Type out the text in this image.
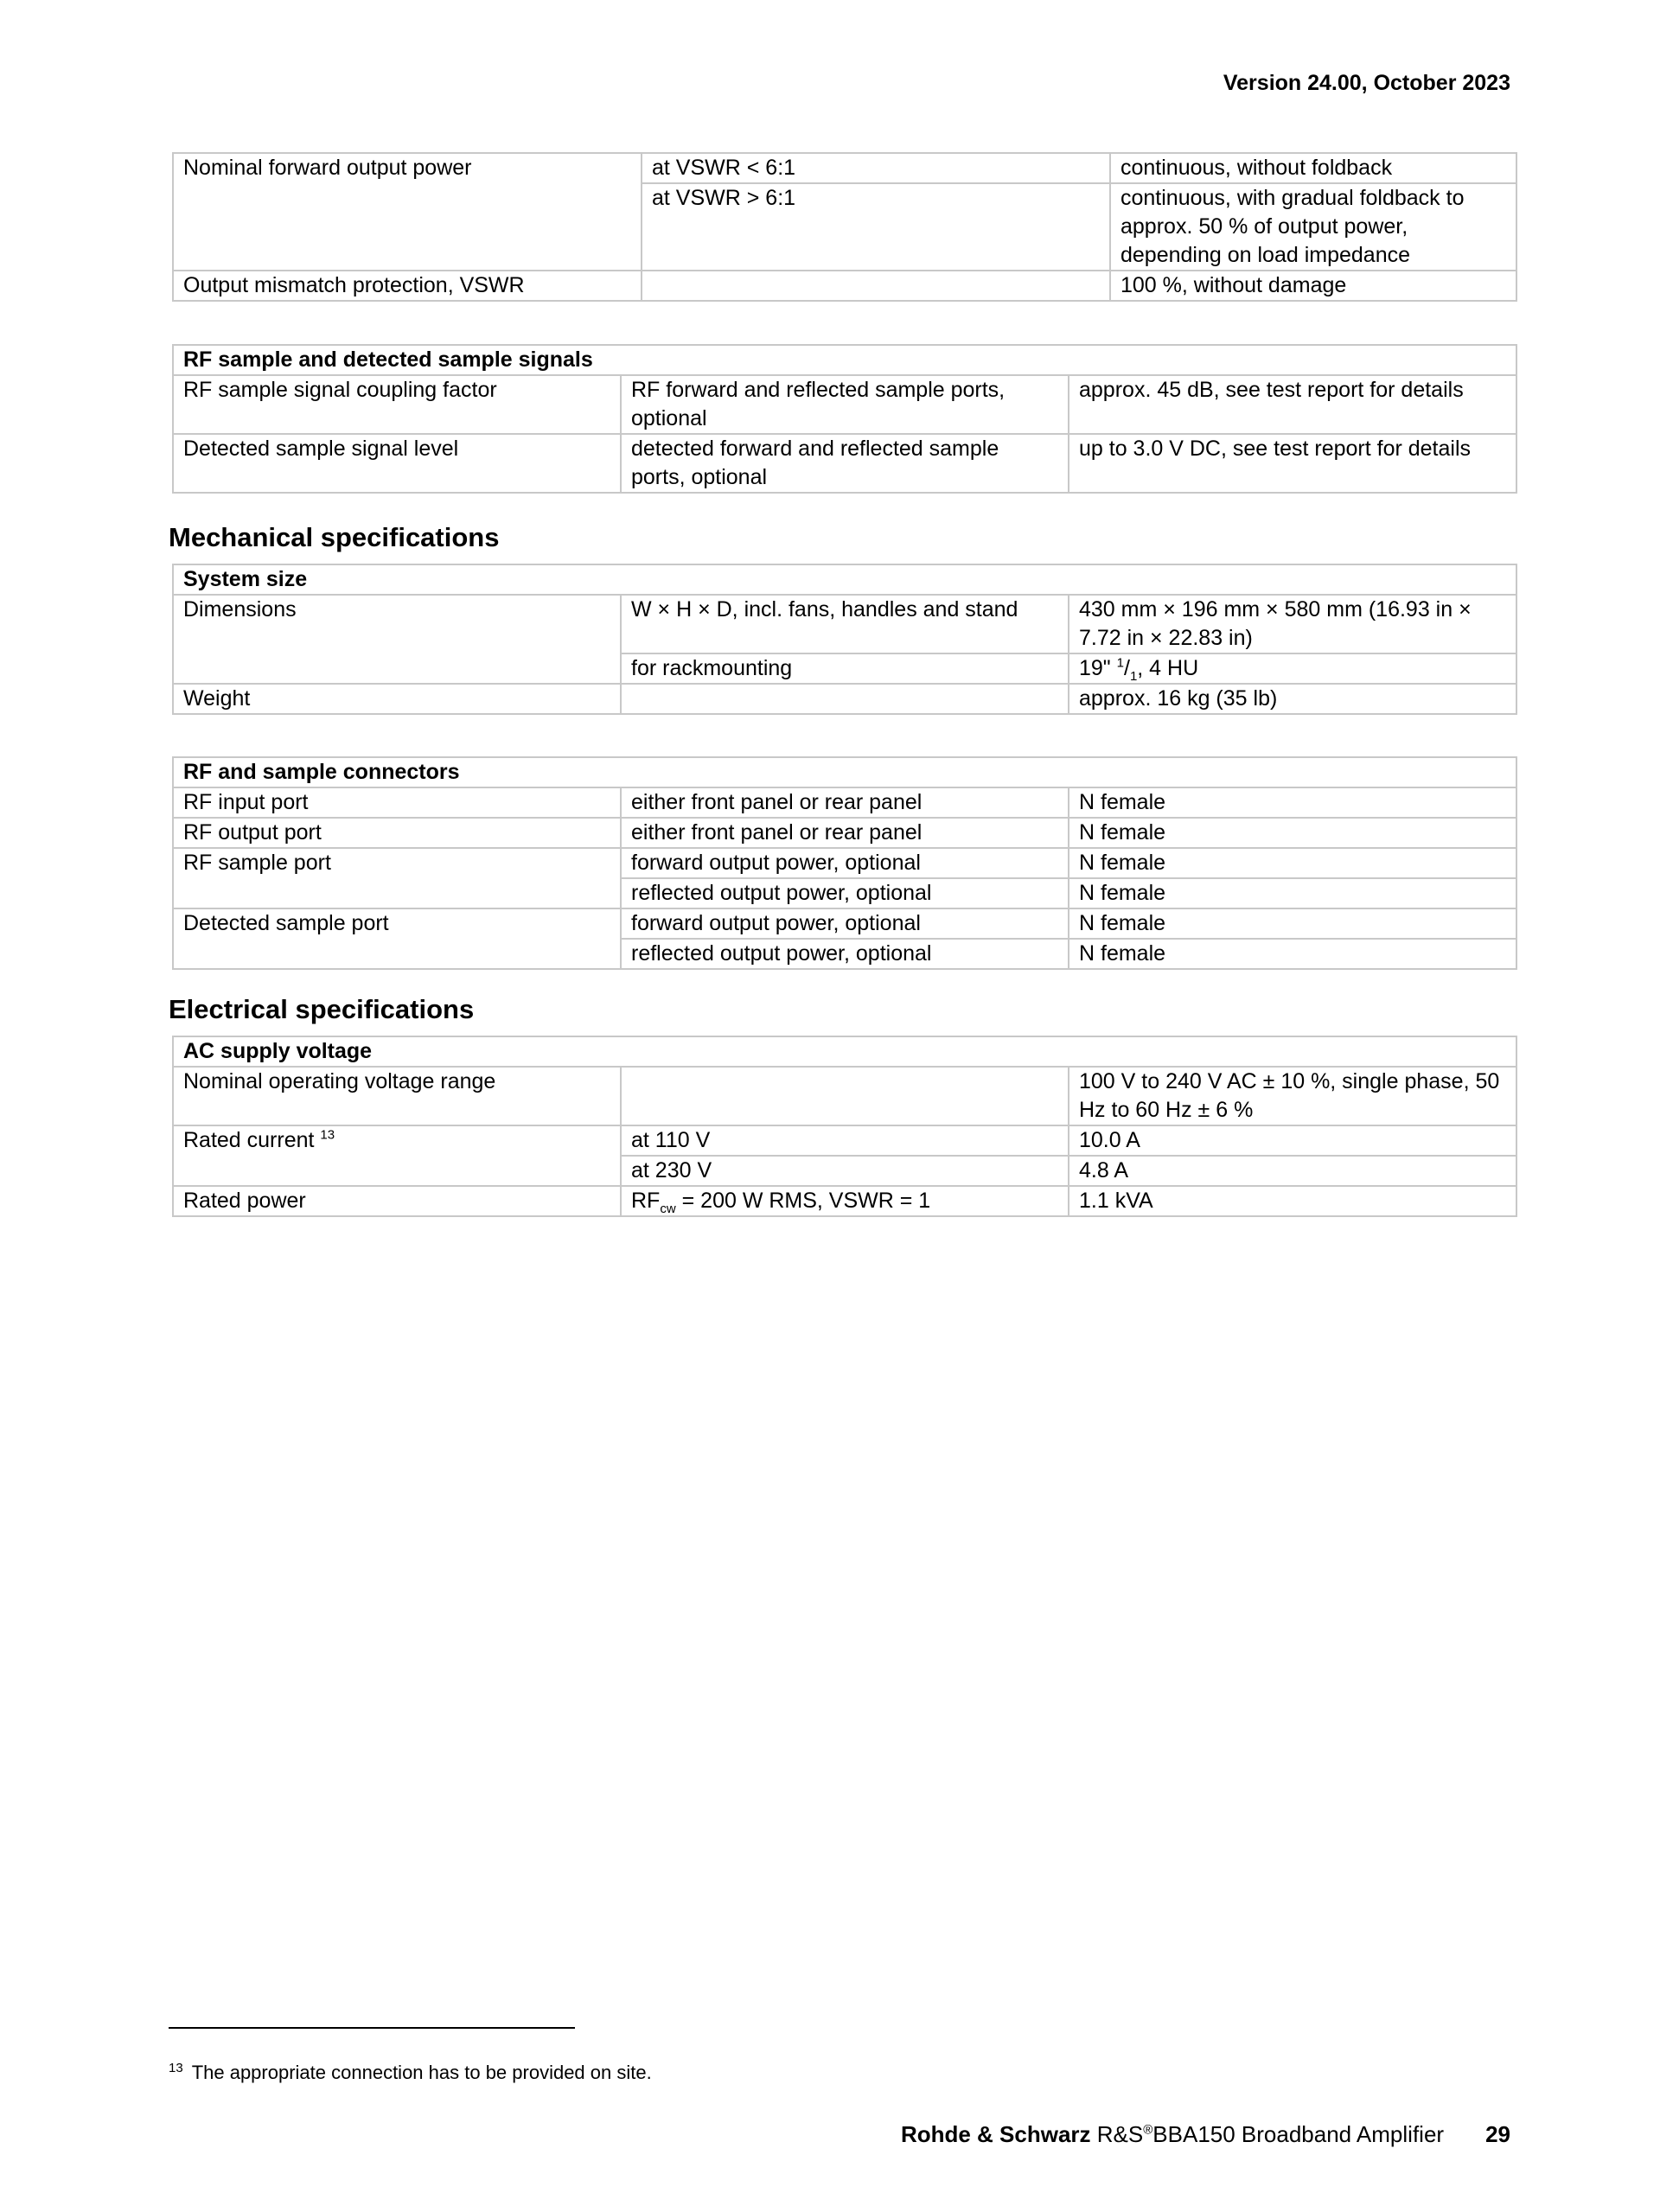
Version 24.00, October 2023
Nominal forward output power	at VSWR < 6:1	continuous, without foldback
	at VSWR > 6:1	continuous, with gradual foldback to approx. 50 % of output power, depending on load impedance
Output mismatch protection, VSWR		100 %, without damage
RF sample and detected sample signals		
RF sample signal coupling factor	RF forward and reflected sample ports, optional	approx. 45 dB, see test report for details
Detected sample signal level	detected forward and reflected sample ports, optional	up to 3.0 V DC, see test report for details
Mechanical specifications
System size		
Dimensions	W × H × D, incl. fans, handles and stand	430 mm × 196 mm × 580 mm (16.93 in × 7.72 in × 22.83 in)
	for rackmounting	19" $^1/_1$, 4 HU
Weight		approx. 16 kg (35 lb)
RF and sample connectors		
RF input port	either front panel or rear panel	N female
RF output port	either front panel or rear panel	N female
RF sample port	forward output power, optional	N female
	reflected output power, optional	N female
Detected sample port	forward output power, optional	N female
	reflected output power, optional	N female
Electrical specifications
AC supply voltage		
Nominal operating voltage range		100 V to 240 V AC ± 10 %, single phase, 50 Hz to 60 Hz ± 6 %
Rated current $^{13}$	at 110 V	10.0 A
	at 230 V	4.8 A
Rated power	$RF_{cw} = 200$ W RMS, VSWR = 1	1.1 kVA
$^{13}$ The appropriate connection has to be provided on site.
Rohde & Schwarz R&S®BBA150 Broadband Amplifier 29
